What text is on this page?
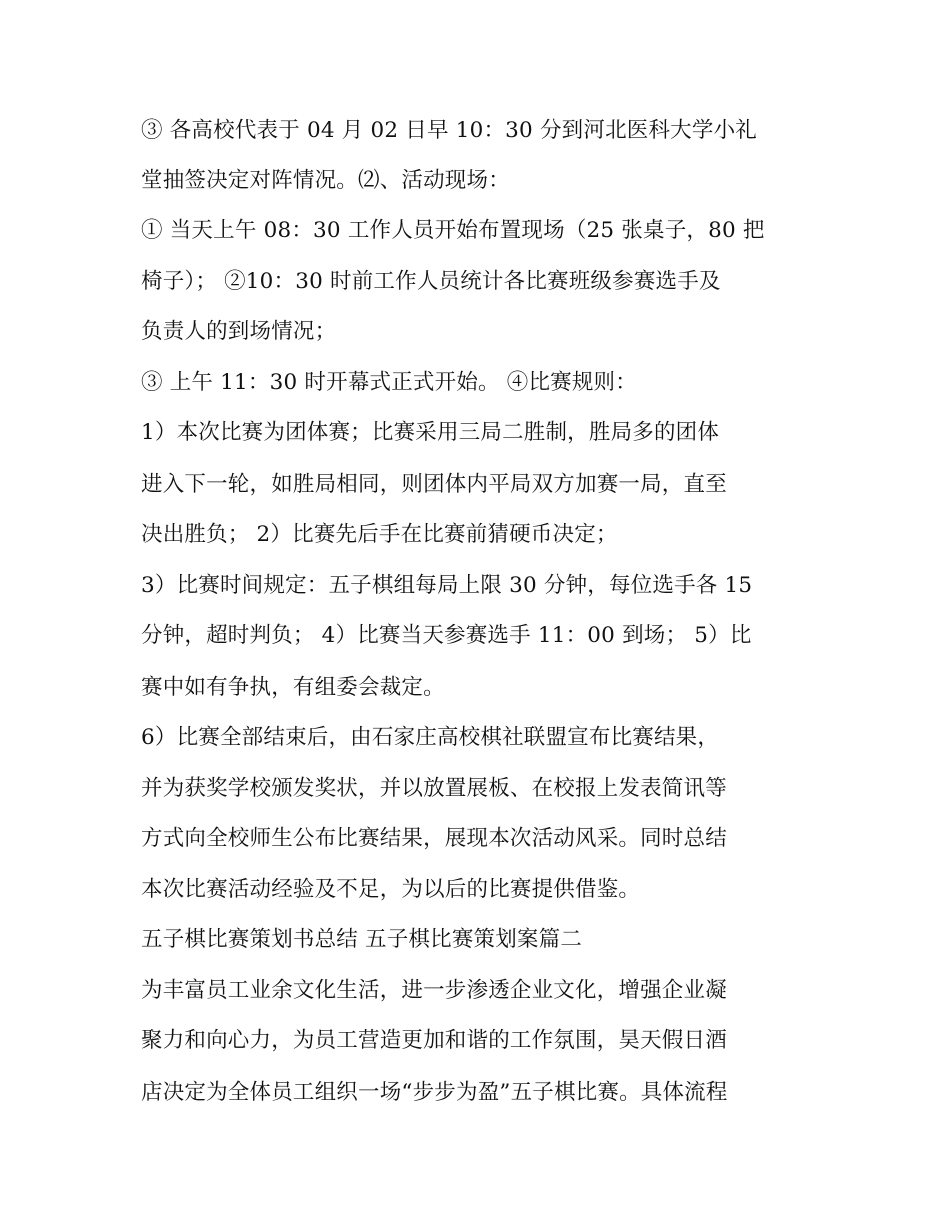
③ 各高校代表于 04 月 02 日早 10：30 分到河北医科大学小礼
堂抽签决定对阵情况。⑵、活动现场：
① 当天上午 08：30 工作人员开始布置现场（25 张桌子，80 把
椅子）； ②10：30 时前工作人员统计各比赛班级参赛选手及
负责人的到场情况；
③ 上午 11：30 时开幕式正式开始。 ④比赛规则：
1）本次比赛为团体赛；比赛采用三局二胜制，胜局多的团体
进入下一轮，如胜局相同，则团体内平局双方加赛一局，直至
决出胜负； 2）比赛先后手在比赛前猜硬币决定；
3）比赛时间规定：五子棋组每局上限 30 分钟，每位选手各 15
分钟，超时判负； 4）比赛当天参赛选手 11：00 到场； 5）比
赛中如有争执，有组委会裁定。
6）比赛全部结束后，由石家庄高校棋社联盟宣布比赛结果，
并为获奖学校颁发奖状，并以放置展板、在校报上发表简讯等
方式向全校师生公布比赛结果，展现本次活动风采。同时总结
本次比赛活动经验及不足，为以后的比赛提供借鉴。
五子棋比赛策划书总结 五子棋比赛策划案篇二
为丰富员工业余文化生活，进一步渗透企业文化，增强企业凝
聚力和向心力，为员工营造更加和谐的工作氛围，昊天假日酒
店决定为全体员工组织一场“步步为盈”五子棋比赛。具体流程
